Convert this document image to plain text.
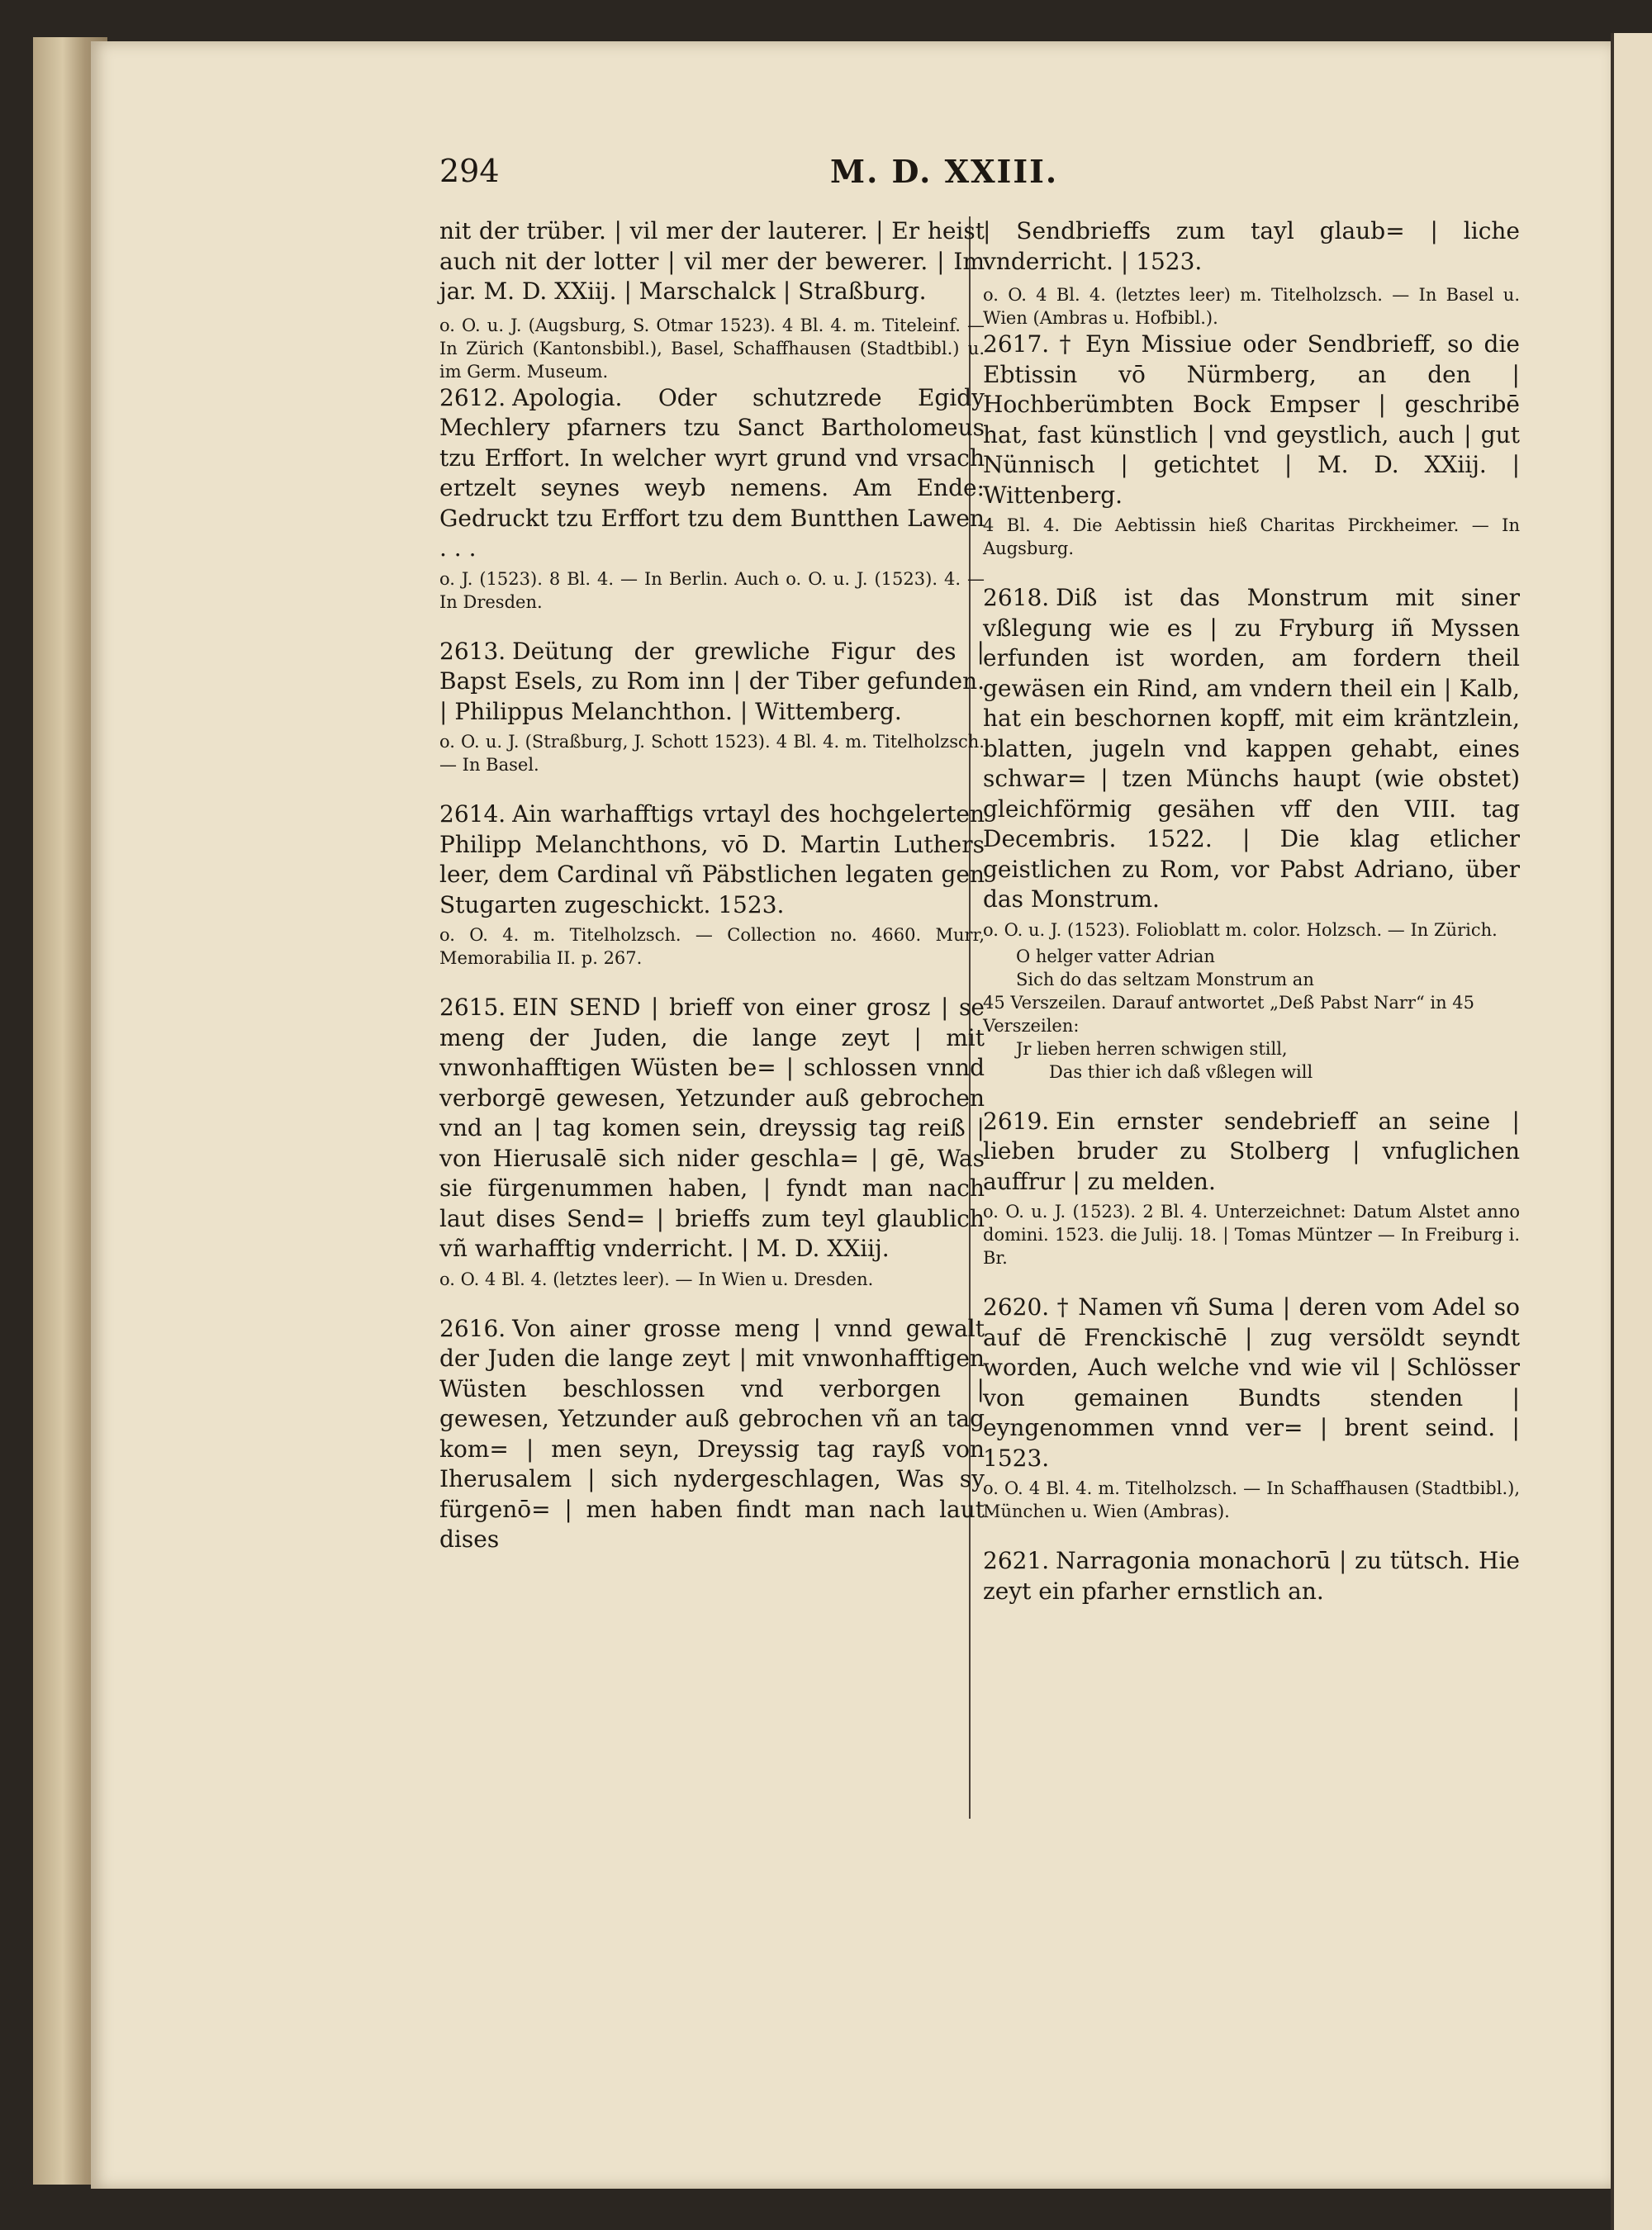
294	M. D. XXIII.

nit der trüber. | vil mer der lauterer. | Er heist auch nit der lotter | vil mer der bewerer. | Im jar. M. D. XXiij. | Marschalck | Straßburg.

o. O. u. J. (Augsburg, S. Otmar 1523). 4 Bl. 4. m. Titeleinf. — In Zürich (Kantonsbibl.), Basel, Schaffhausen (Stadtbibl.) u. im Germ. Museum.

2612. Apologia. Oder schutzrede Egidy Mechlery pfarners tzu Sanct Bartholomeus tzu Erffort. In welcher wyrt grund vnd vrsach ertzelt seynes weyb nemens. Am Ende: Gedruckt tzu Erffort tzu dem Buntthen Lawen . . .

o. J. (1523). 8 Bl. 4. — In Berlin. Auch o. O. u. J. (1523). 4. — In Dresden.

2613. Deütung der grewliche Figur des | Bapst Esels, zu Rom inn | der Tiber gefunden. | Philippus Melanchthon. | Wittemberg.

o. O. u. J. (Straßburg, J. Schott 1523). 4 Bl. 4. m. Titelholzsch. — In Basel.

2614. Ain warhafftigs vrtayl des hochgelerten Philipp Melanchthons, vō D. Martin Luthers leer, dem Cardinal vñ Päbstlichen legaten gen Stugarten zugeschickt. 1523.

o. O. 4. m. Titelholzsch. — Collection no. 4660. Murr, Memorabilia II. p. 267.

2615. EIN SEND | brieff von einer grosz | se meng der Juden, die lange zeyt | mit vnwonhafftigen Wüsten be= | schlossen vnnd verborgē gewesen, Yetzunder auß gebrochen vnd an | tag komen sein, dreyssig tag reiß | von Hierusalē sich nider geschla= | gē, Was sie fürgenummen haben, | fyndt man nach laut dises Send= | brieffs zum teyl glaublich vñ warhafftig vnderricht. | M. D. XXiij.

o. O. 4 Bl. 4. (letztes leer). — In Wien u. Dresden.

2616. Von ainer grosse meng | vnnd gewalt der Juden die lange zeyt | mit vnwonhafftigen Wüsten beschlossen vnd verborgen | gewesen, Yetzunder auß gebrochen vñ an tag kom= | men seyn, Dreyssig tag rayß von Iherusalem | sich nydergeschlagen, Was sy fürgenō= | men haben findt man nach laut dises

| Sendbrieffs zum tayl glaub= | liche vnderricht. | 1523.

o. O. 4 Bl. 4. (letztes leer) m. Titelholzsch. — In Basel u. Wien (Ambras u. Hofbibl.).

2617. † Eyn Missiue oder Sendbrieff, so die Ebtissin vō Nürmberg, an den | Hochberümbten Bock Empser | geschribē hat, fast künstlich | vnd geystlich, auch | gut Nünnisch | getichtet | M. D. XXiij. | Wittenberg.

4 Bl. 4. Die Aebtissin hieß Charitas Pirckheimer. — In Augsburg.

2618. Diß ist das Monstrum mit siner vßlegung wie es | zu Fryburg iñ Myssen erfunden ist worden, am fordern theil gewäsen ein Rind, am vndern theil ein | Kalb, hat ein beschornen kopff, mit eim kräntzlein, blatten, jugeln vnd kappen gehabt, eines schwar= | tzen Münchs haupt (wie obstet) gleichförmig gesähen vff den VIII. tag Decembris. 1522. | Die klag etlicher geistlichen zu Rom, vor Pabst Adriano, über das Monstrum.

o. O. u. J. (1523). Folioblatt m. color. Holzsch. — In Zürich.

O helger vatter Adrian
Sich do das seltzam Monstrum an
45 Verszeilen. Darauf antwortet „Deß Pabst Narr“ in 45 Verszeilen:
Jr lieben herren schwigen still,
Das thier ich daß vßlegen will

2619. Ein ernster sendebrieff an seine | lieben bruder zu Stolberg | vnfuglichen auffrur | zu melden.

o. O. u. J. (1523). 2 Bl. 4. Unterzeichnet: Datum Alstet anno domini. 1523. die Julij. 18. | Tomas Müntzer — In Freiburg i. Br.

2620. † Namen vñ Suma | deren vom Adel so auf dē Frenckischē | zug versöldt seyndt worden, Auch welche vnd wie vil | Schlösser von gemainen Bundts stenden | eyngenommen vnnd ver= | brent seind. | 1523.

o. O. 4 Bl. 4. m. Titelholzsch. — In Schaffhausen (Stadtbibl.), München u. Wien (Ambras).

2621. Narragonia monachorū | zu tütsch. Hie zeyt ein pfarher ernstlich an.
